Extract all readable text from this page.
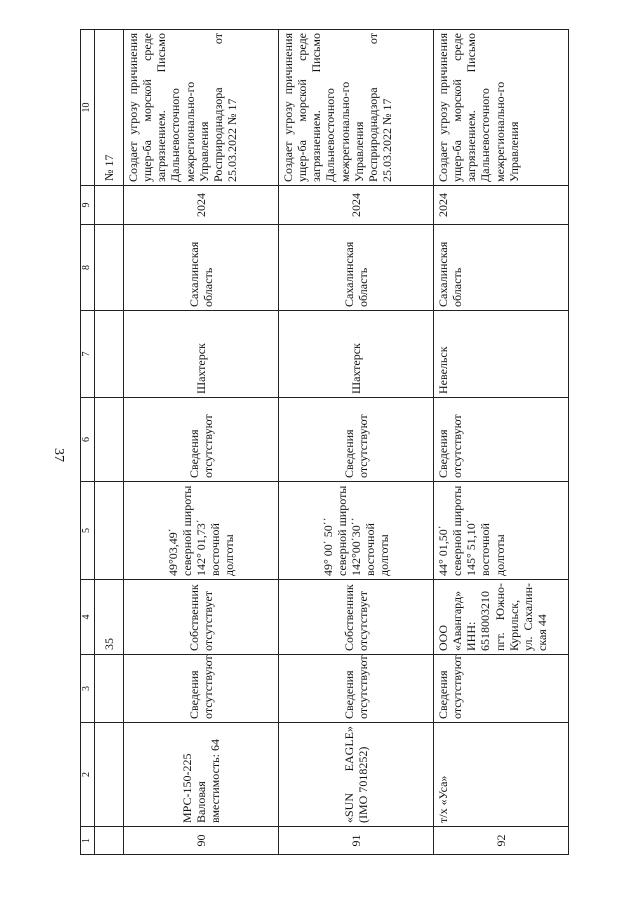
37
1	2	3	4	5	6	7	8	9	10
			35						№ 17
90	МРС-150-225 Валовая вместимость: 64	Сведения отсутствуют	Собственник отсутствует	49°03,49΄ северной широты 142° 01,73΄ восточной долготы	Сведения отсутствуют	Шахтерск	Сахалинская область	2024	Создает угрозу причинения ущер-ба морской среде загрязнением. Письмо Дальневосточного межрегионально-го Управления Росприроднадзора от 25.03.2022 № 17
91	«SUN EAGLE» (IMO 7018252)	Сведения отсутствуют	Собственник отсутствует	49° 00΄ 50΄΄ северной широты 142°00΄30΄΄ восточной долготы	Сведения отсутствуют	Шахтерск	Сахалинская область	2024	Создает угрозу причинения ущер-ба морской среде загрязнением. Письмо Дальневосточного межрегионально-го Управления Росприроднадзора от 25.03.2022 № 17
92	т/х «Уса»	Сведения отсутствуют	ООО «Авангард» ИНН: 6518003210 пгт. Южно-Курильск, ул. Сахалин-ская 44	44° 01,50΄ северной широты 145° 51,10΄ восточной долготы	Сведения отсутствуют	Невельск	Сахалинская область	2024	Создает угрозу причинения ущер-ба морской среде загрязнением. Письмо Дальневосточного межрегионально-го Управления
